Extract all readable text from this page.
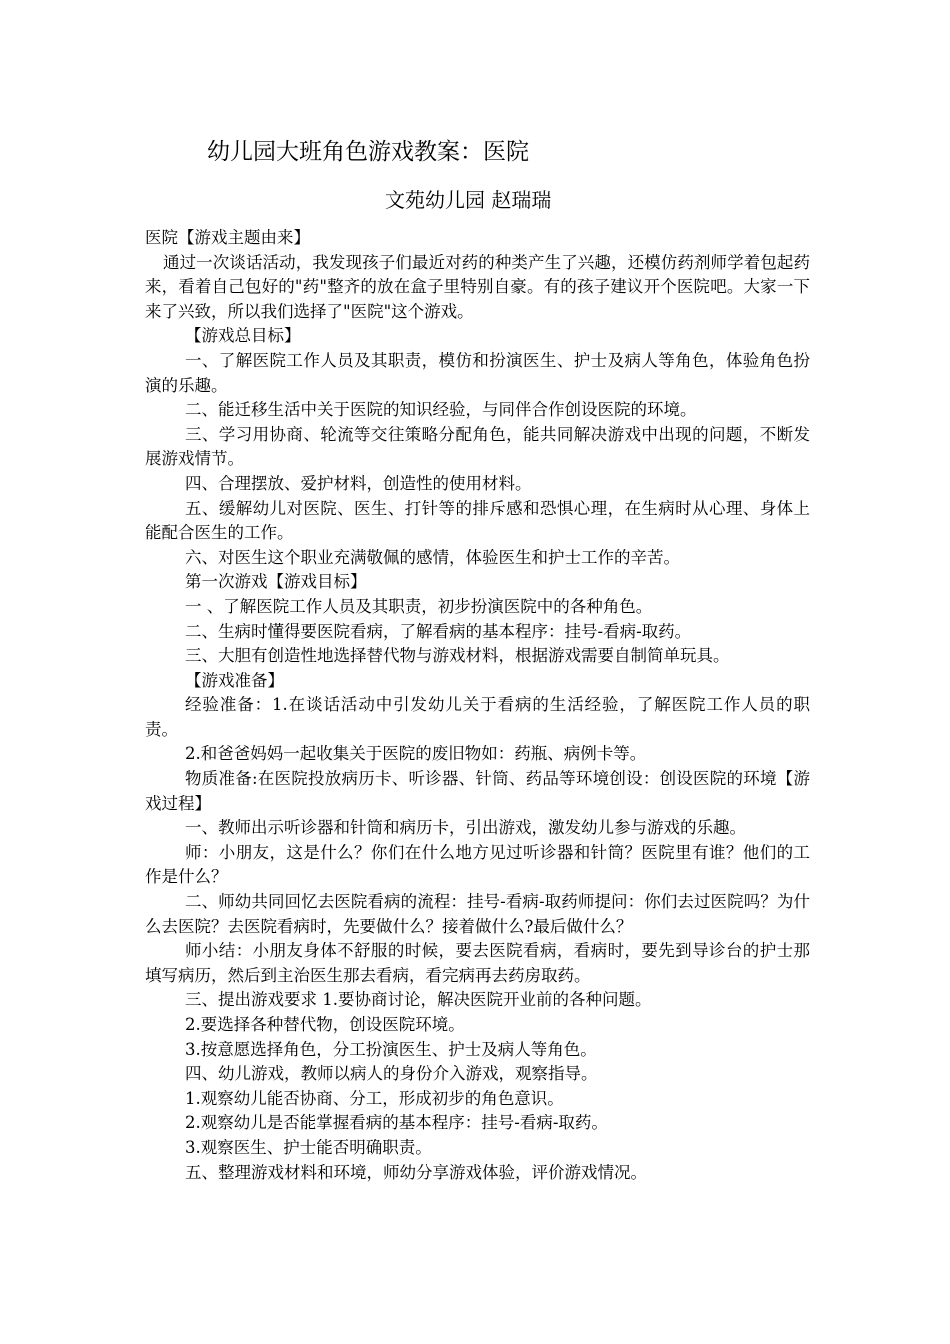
幼儿园大班角色游戏教案：医院
文苑幼儿园 赵瑞瑞

医院【游戏主题由来】

通过一次谈话活动，我发现孩子们最近对药的种类产生了兴趣，还模仿药剂师学着包起药来，看着自己包好的"药"整齐的放在盒子里特别自豪。有的孩子建议开个医院吧。大家一下来了兴致，所以我们选择了"医院"这个游戏。

【游戏总目标】

一、了解医院工作人员及其职责，模仿和扮演医生、护士及病人等角色，体验角色扮演的乐趣。

二、能迁移生活中关于医院的知识经验，与同伴合作创设医院的环境。

三、学习用协商、轮流等交往策略分配角色，能共同解决游戏中出现的问题，不断发展游戏情节。

四、合理摆放、爱护材料，创造性的使用材料。

五、缓解幼儿对医院、医生、打针等的排斥感和恐惧心理，在生病时从心理、身体上能配合医生的工作。

六、对医生这个职业充满敬佩的感情，体验医生和护士工作的辛苦。

第一次游戏【游戏目标】

一 、了解医院工作人员及其职责，初步扮演医院中的各种角色。

二、生病时懂得要医院看病，了解看病的基本程序：挂号-看病-取药。

三、大胆有创造性地选择替代物与游戏材料，根据游戏需要自制简单玩具。

【游戏准备】

经验准备：1.在谈话活动中引发幼儿关于看病的生活经验，了解医院工作人员的职责。

2.和爸爸妈妈一起收集关于医院的废旧物如：药瓶、病例卡等。

物质准备:在医院投放病历卡、听诊器、针筒、药品等环境创设：创设医院的环境【游戏过程】

一、教师出示听诊器和针筒和病历卡，引出游戏，激发幼儿参与游戏的乐趣。

师：小朋友，这是什么？你们在什么地方见过听诊器和针筒？医院里有谁？他们的工作是什么？

二、师幼共同回忆去医院看病的流程：挂号-看病-取药师提问：你们去过医院吗？为什么去医院？去医院看病时，先要做什么？接着做什么?最后做什么？

师小结：小朋友身体不舒服的时候，要去医院看病，看病时，要先到导诊台的护士那填写病历，然后到主治医生那去看病，看完病再去药房取药。

三、提出游戏要求 1.要协商讨论，解决医院开业前的各种问题。

2.要选择各种替代物，创设医院环境。

3.按意愿选择角色，分工扮演医生、护士及病人等角色。

四、幼儿游戏，教师以病人的身份介入游戏，观察指导。

1.观察幼儿能否协商、分工，形成初步的角色意识。

2.观察幼儿是否能掌握看病的基本程序：挂号-看病-取药。

3.观察医生、护士能否明确职责。

五、整理游戏材料和环境，师幼分享游戏体验，评价游戏情况。
